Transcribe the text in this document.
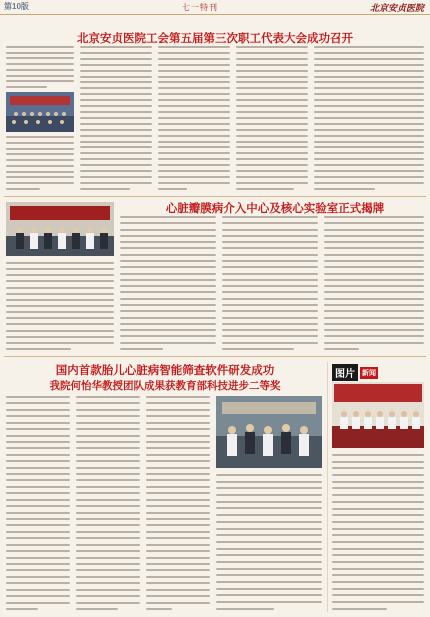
第10版	七一特刊	北京安贞医院
北京安贞医院工会第五届第三次职工代表大会成功召开
心脏瓣膜病介入中心及核心实验室正式揭牌
国内首款胎儿心脏病智能筛查软件研发成功
我院何怡华教授团队成果获教育部科技进步二等奖
图片	新闻
